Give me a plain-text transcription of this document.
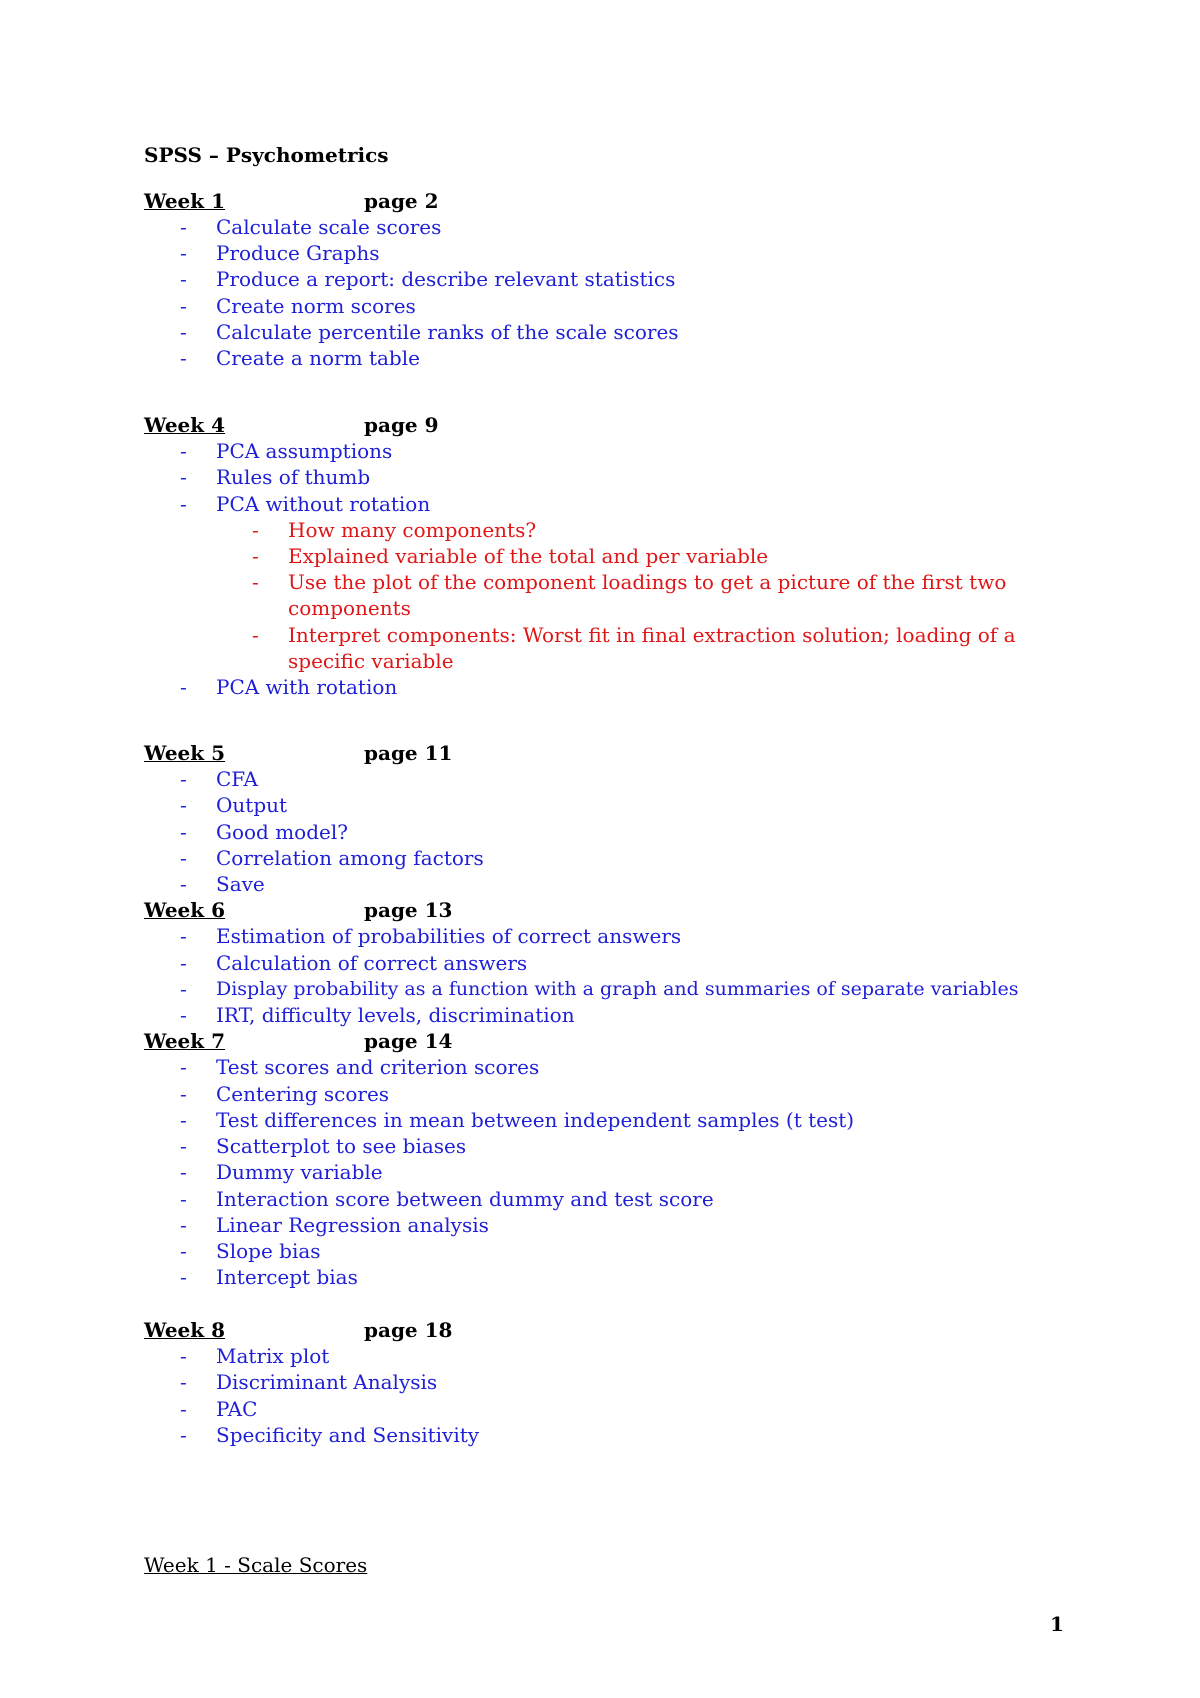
SPSS – Psychometrics
Week 1	page 2
- Calculate scale scores
- Produce Graphs
- Produce a report: describe relevant statistics
- Create norm scores
- Calculate percentile ranks of the scale scores
- Create a norm table
Week 4	page 9
- PCA assumptions
- Rules of thumb
- PCA without rotation
- How many components?
- Explained variable of the total and per variable
- Use the plot of the component loadings to get a picture of the first two
components
- Interpret components: Worst fit in final extraction solution; loading of a
specific variable
- PCA with rotation
Week 5	page 11
- CFA
- Output
- Good model?
- Correlation among factors
- Save
Week 6	page 13
- Estimation of probabilities of correct answers
- Calculation of correct answers
- Display probability as a function with a graph and summaries of separate variables
- IRT, difficulty levels, discrimination
Week 7	page 14
- Test scores and criterion scores
- Centering scores
- Test differences in mean between independent samples (t test)
- Scatterplot to see biases
- Dummy variable
- Interaction score between dummy and test score
- Linear Regression analysis
- Slope bias
- Intercept bias
Week 8	page 18
- Matrix plot
- Discriminant Analysis
- PAC
- Specificity and Sensitivity
Week 1 - Scale Scores
1
